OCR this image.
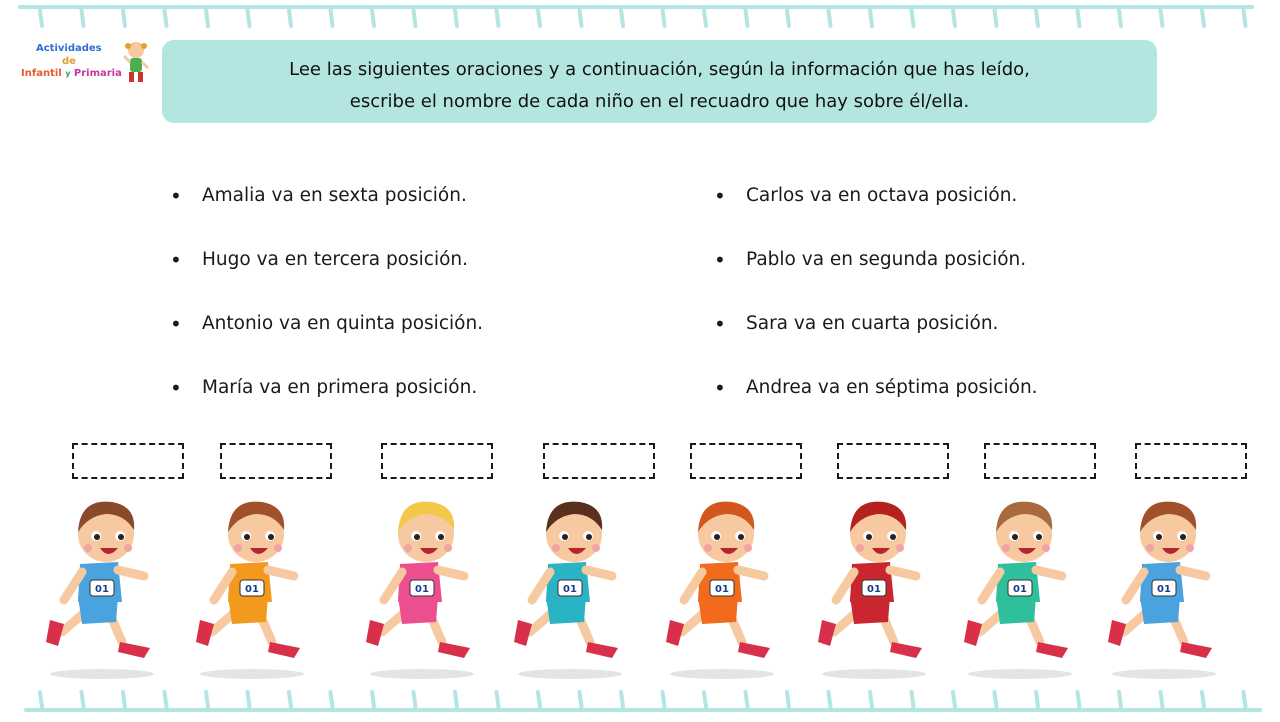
Actividades
de
Infantil y Primaria	Lee las siguientes oraciones y a continuación, según la información que has leído,
escribe el nombre de cada niño en el recuadro que hay sobre él/ella.
• Amalia va en sexta posición.
• Hugo va en tercera posición.
• Antonio va en quinta posición.
• María va en primera posición.
• Carlos va en octava posición.
• Pablo va en segunda posición.
• Sara va en cuarta posición.
• Andrea va en séptima posición.
01	01	01	01	01	01	01	01
